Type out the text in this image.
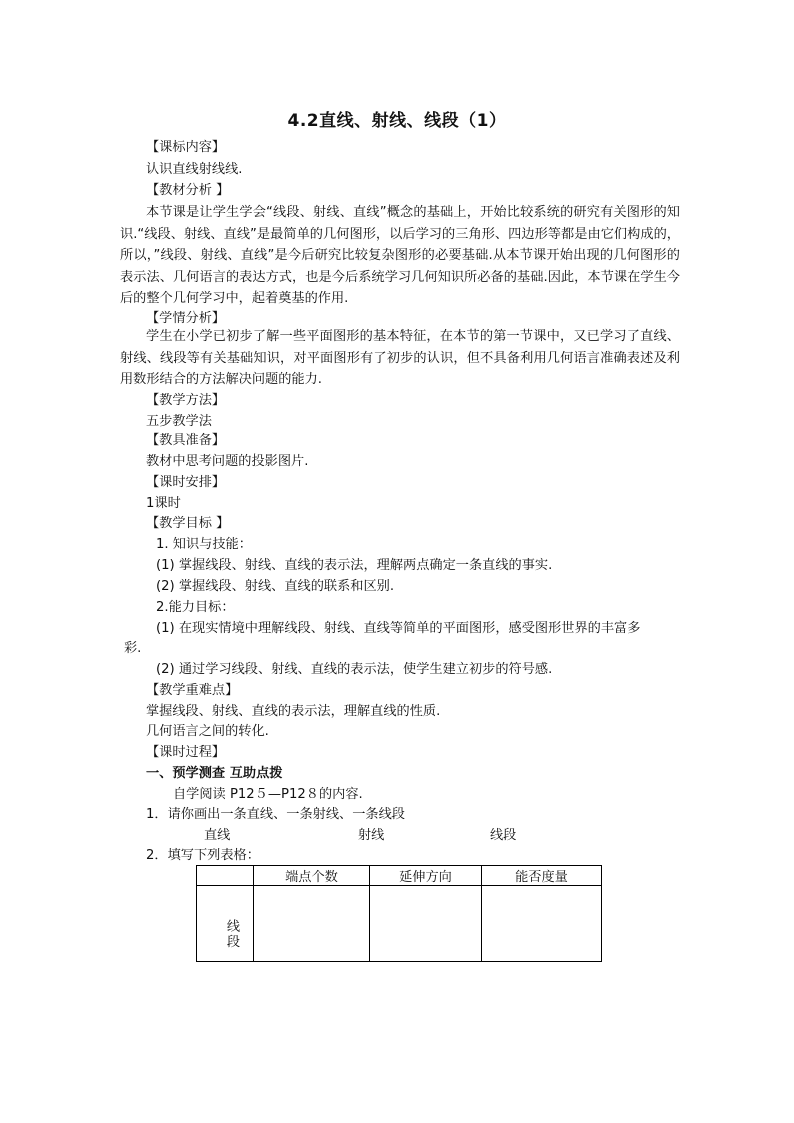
4.2直线、射线、线段（1）
【课标内容】
认识直线射线线.
【教材分析 】
本节课是让学生学会“线段、射线、直线”概念的基础上，开始比较系统的研究有关图形的知识.“线段、射线、直线”是最简单的几何图形，以后学习的三角形、四边形等都是由它们构成的，所以，”线段、射线、直线”是今后研究比较复杂图形的必要基础.从本节课开始出现的几何图形的表示法、几何语言的表达方式，也是今后系统学习几何知识所必备的基础.因此，本节课在学生今后的整个几何学习中，起着奠基的作用.
【学情分析】
学生在小学已初步了解一些平面图形的基本特征，在本节的第一节课中，又已学习了直线、射线、线段等有关基础知识，对平面图形有了初步的认识，但不具备利用几何语言准确表述及利用数形结合的方法解决问题的能力.
【教学方法】
五步教学法
【教具准备】
教材中思考问题的投影图片.
【课时安排】
1课时
【教学目标 】
1. 知识与技能：
(1) 掌握线段、射线、直线的表示法，理解两点确定一条直线的事实.
(2) 掌握线段、射线、直线的联系和区别.
2.能力目标：
(1) 在现实情境中理解线段、射线、直线等简单的平面图形，感受图形世界的丰富多
彩.
(2) 通过学习线段、射线、直线的表示法，使学生建立初步的符号感.
【教学重难点】
掌握线段、射线、直线的表示法，理解直线的性质.
几何语言之间的转化.
【课时过程】
一、预学测查 互助点拨
自学阅读 P12５—P12８的内容.
1．请你画出一条直线、一条射线、一条线段
直线	射线	线段
2．填写下列表格：
	端点个数	延伸方向	能否度量
线段			
